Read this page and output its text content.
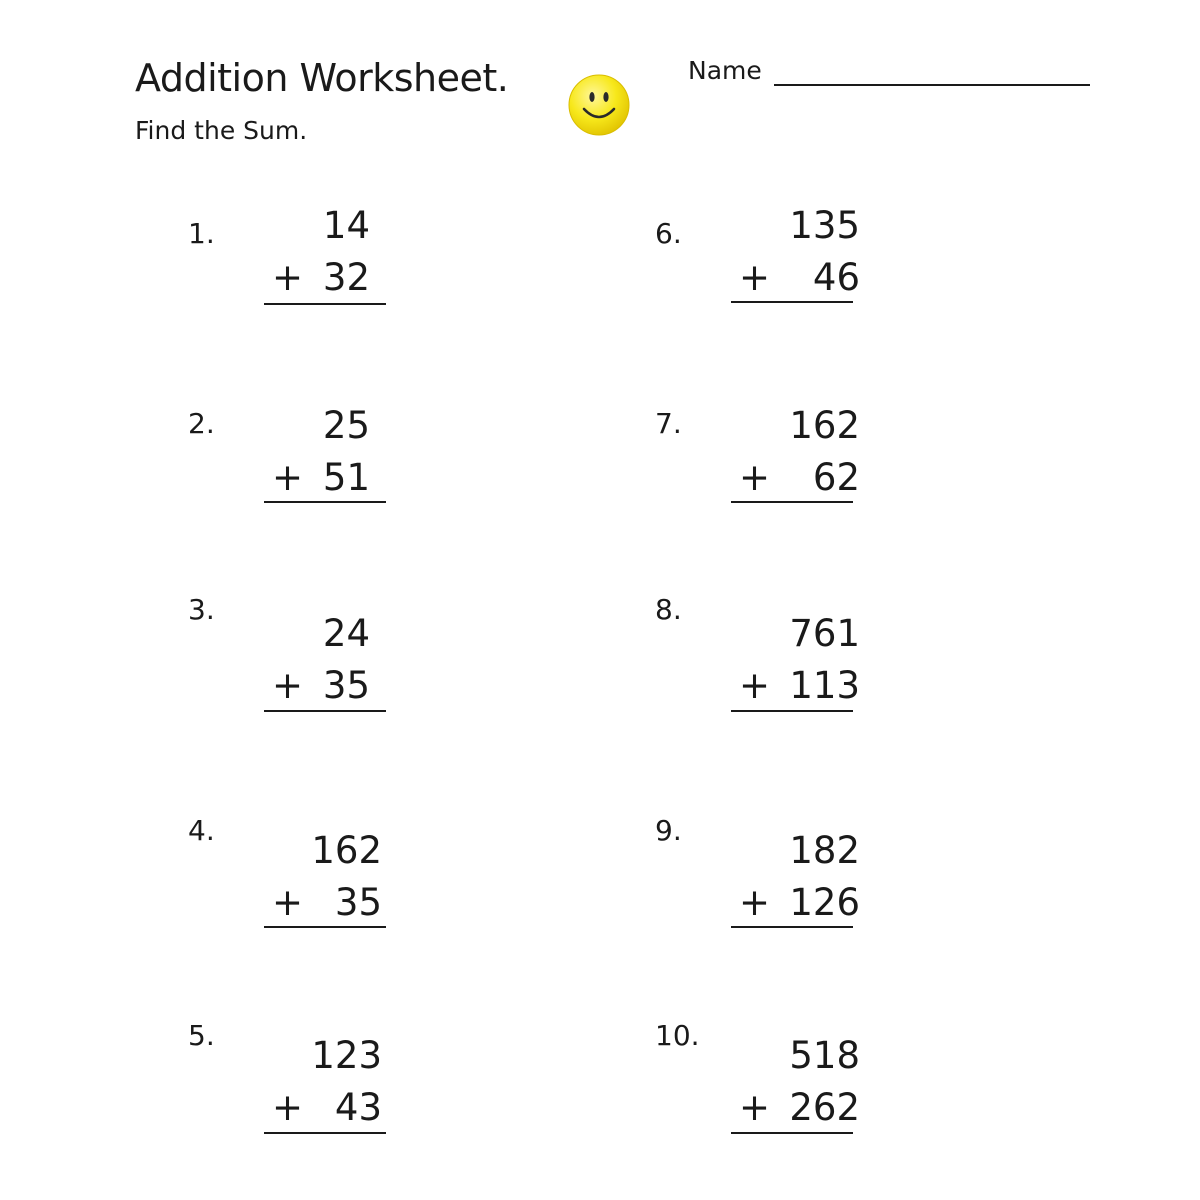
Addition Worksheet.
Find the Sum.
Name
1.	14
+ 32
2.	25
+ 51
3.
24
+ 35
4.	162
+ 35
5.	123
+ 43
6.	135
+	46
7.	162
+	62
8.
761
+ 113
9.	182
+ 126
10.	518
+ 262
